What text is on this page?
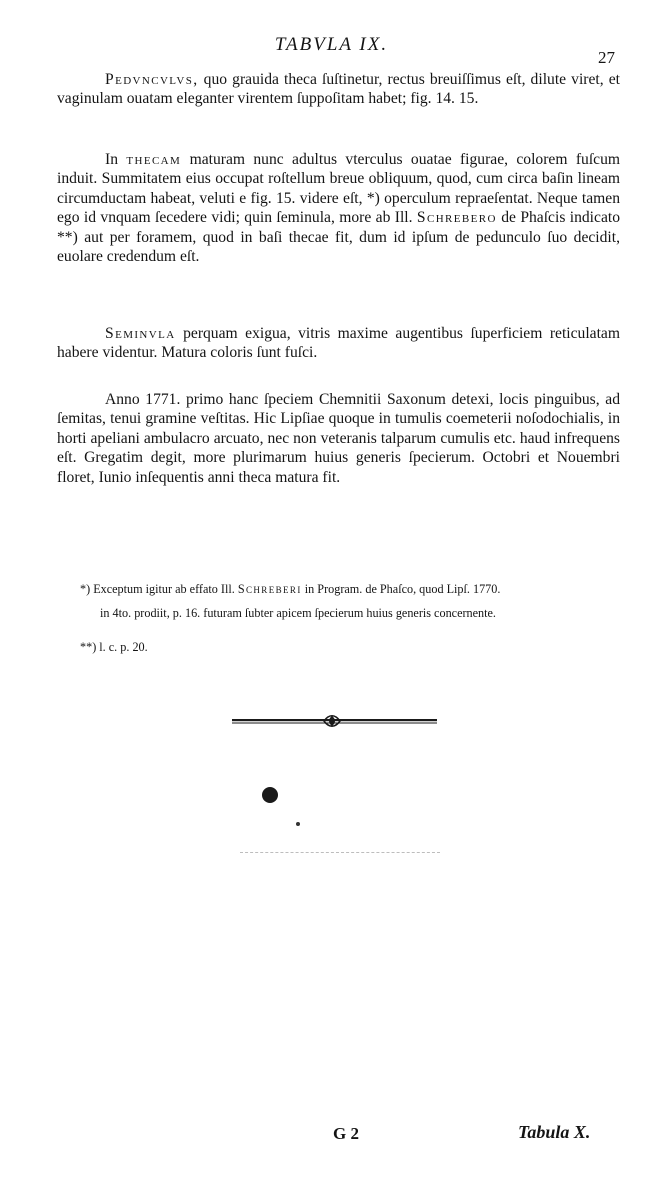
TABVLA IX.
27
Pedvncvlvs, quo grauida theca ſuſtinetur, rectus breuiſſimus eſt, dilute viret, et vaginulam ouatam eleganter virentem ſuppoſitam habet; fig. 14. 15.
In thecam maturam nunc adultus vterculus ouatae figurae, colorem fuſcum induit. Summitatem eius occupat roſtellum breue obliquum, quod, cum circa baſin lineam circumductam habeat, veluti e fig. 15. videre eſt, *) operculum repraeſentat. Neque tamen ego id vnquam ſecedere vidi; quin ſeminula, more ab Ill. Schrebero de Phaſcis indicato **) aut per foramem, quod in baſi thecae fit, dum id ipſum de pedunculo ſuo decidit, euolare credendum eſt.
Seminvla perquam exigua, vitris maxime augentibus ſuperficiem reticulatam habere videntur. Matura coloris ſunt fuſci.
Anno 1771. primo hanc ſpeciem Chemnitii Saxonum detexi, locis pinguibus, ad ſemitas, tenui gramine veſtitas. Hic Lipſiae quoque in tumulis coemeterii noſodochialis, in horti apeliani ambulacro arcuato, nec non veteranis talparum cumulis etc. haud infrequens eſt. Gregatim degit, more plurimarum huius generis ſpecierum. Octobri et Nouembri floret, Iunio inſequentis anni theca matura fit.
*) Exceptum igitur ab effato Ill. Schreberi in Program. de Phaſco, quod Lipſ. 1770.
in 4to. prodiit, p. 16. futuram ſubter apicem ſpecierum huius generis concernente.
**) l. c. p. 20.
G 2	Tabula X.
